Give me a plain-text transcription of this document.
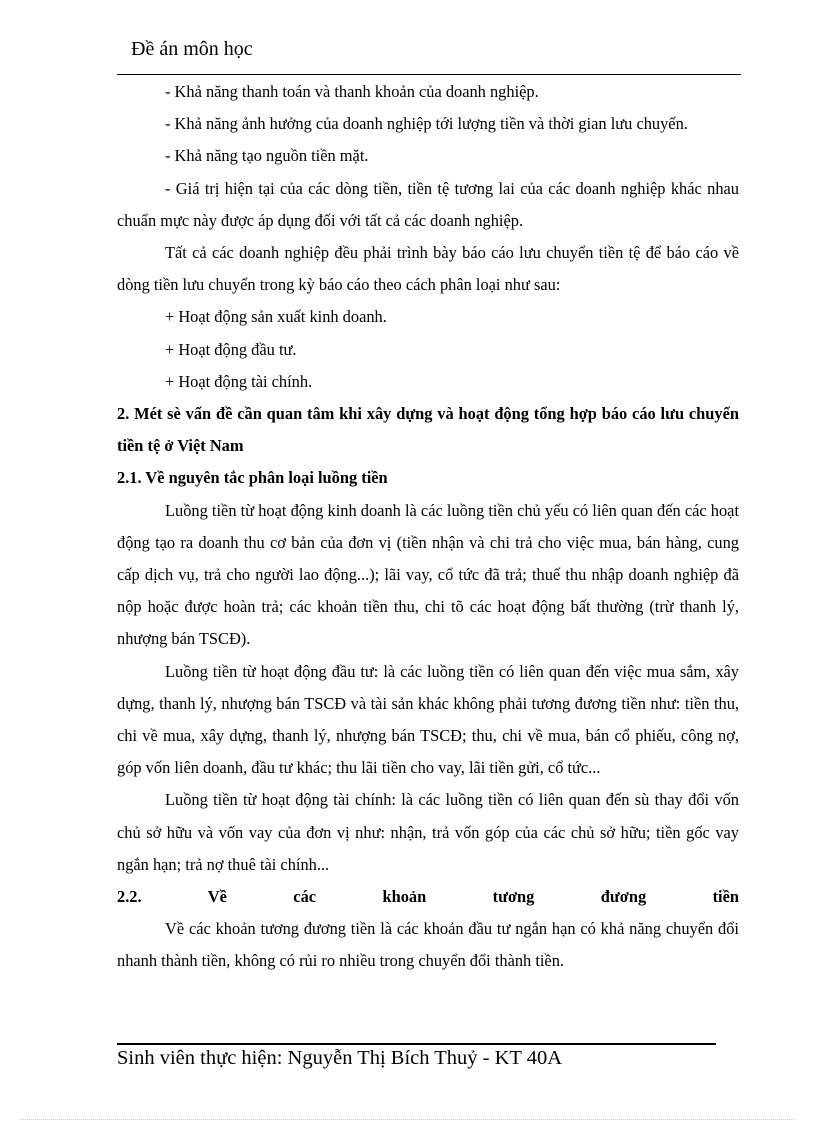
Đề án môn học

- Khả năng thanh toán và thanh khoản của doanh nghiệp.

- Khả năng ảnh hưởng của doanh nghiệp tới lượng tiền và thời gian lưu chuyển.

- Khả năng tạo nguồn tiền mặt.

- Giá trị hiện tại của các dòng tiền, tiền tệ tương lai của các doanh nghiệp khác nhau chuẩn mực này được áp dụng đối với tất cả các doanh nghiệp.

Tất cả các doanh nghiệp đều phải trình bày báo cáo lưu chuyển tiền tệ để báo cáo về dòng tiền lưu chuyển trong kỳ báo cáo theo cách phân loại như sau:

+ Hoạt động sản xuất kinh doanh.

+ Hoạt động đầu tư.

+ Hoạt động tài chính.

2. Mét sè vấn đề cần quan tâm khi xây dựng và hoạt động tổng hợp báo cáo lưu chuyển tiền tệ ở Việt Nam

2.1. Về nguyên tắc phân loại luồng tiền

Luồng tiền từ hoạt động kinh doanh là các luồng tiền chủ yếu có liên quan đến các hoạt động tạo ra doanh thu cơ bản của đơn vị (tiền nhận và chi trả cho việc mua, bán hàng, cung cấp dịch vụ, trả cho người lao động...); lãi vay, cổ tức đã trả; thuế thu nhập doanh nghiệp đã nộp hoặc được hoàn trả; các khoản tiền thu, chi tõ các hoạt động bất thường (trừ thanh lý, nhượng bán TSCĐ).

Luồng tiền từ hoạt động đầu tư: là các luồng tiền có liên quan đến việc mua sắm, xây dựng, thanh lý, nhượng bán TSCĐ và tài sản khác không phải tương đương tiền như: tiền thu, chi về mua, xây dựng, thanh lý, nhượng bán TSCĐ; thu, chi về mua, bán cổ phiếu, công nợ, góp vốn liên doanh, đầu tư khác; thu lãi tiền cho vay, lãi tiền gửi, cổ tức...

Luồng tiền từ hoạt động tài chính: là các luồng tiền có liên quan đến sù thay đổi vốn chủ sở hữu và vốn vay của đơn vị như: nhận, trả vốn góp của các chủ sở hữu; tiền gốc vay ngắn hạn; trả nợ thuê tài chính...

2.2. Về các khoản tương đương tiền

Về các khoản tương đương tiền là các khoản đầu tư ngắn hạn có khả năng chuyển đổi nhanh thành tiền, không có rủi ro nhiều trong chuyển đổi thành tiền.

Sinh viên thực hiện: Nguyễn Thị Bích Thuỷ - KT 40A
